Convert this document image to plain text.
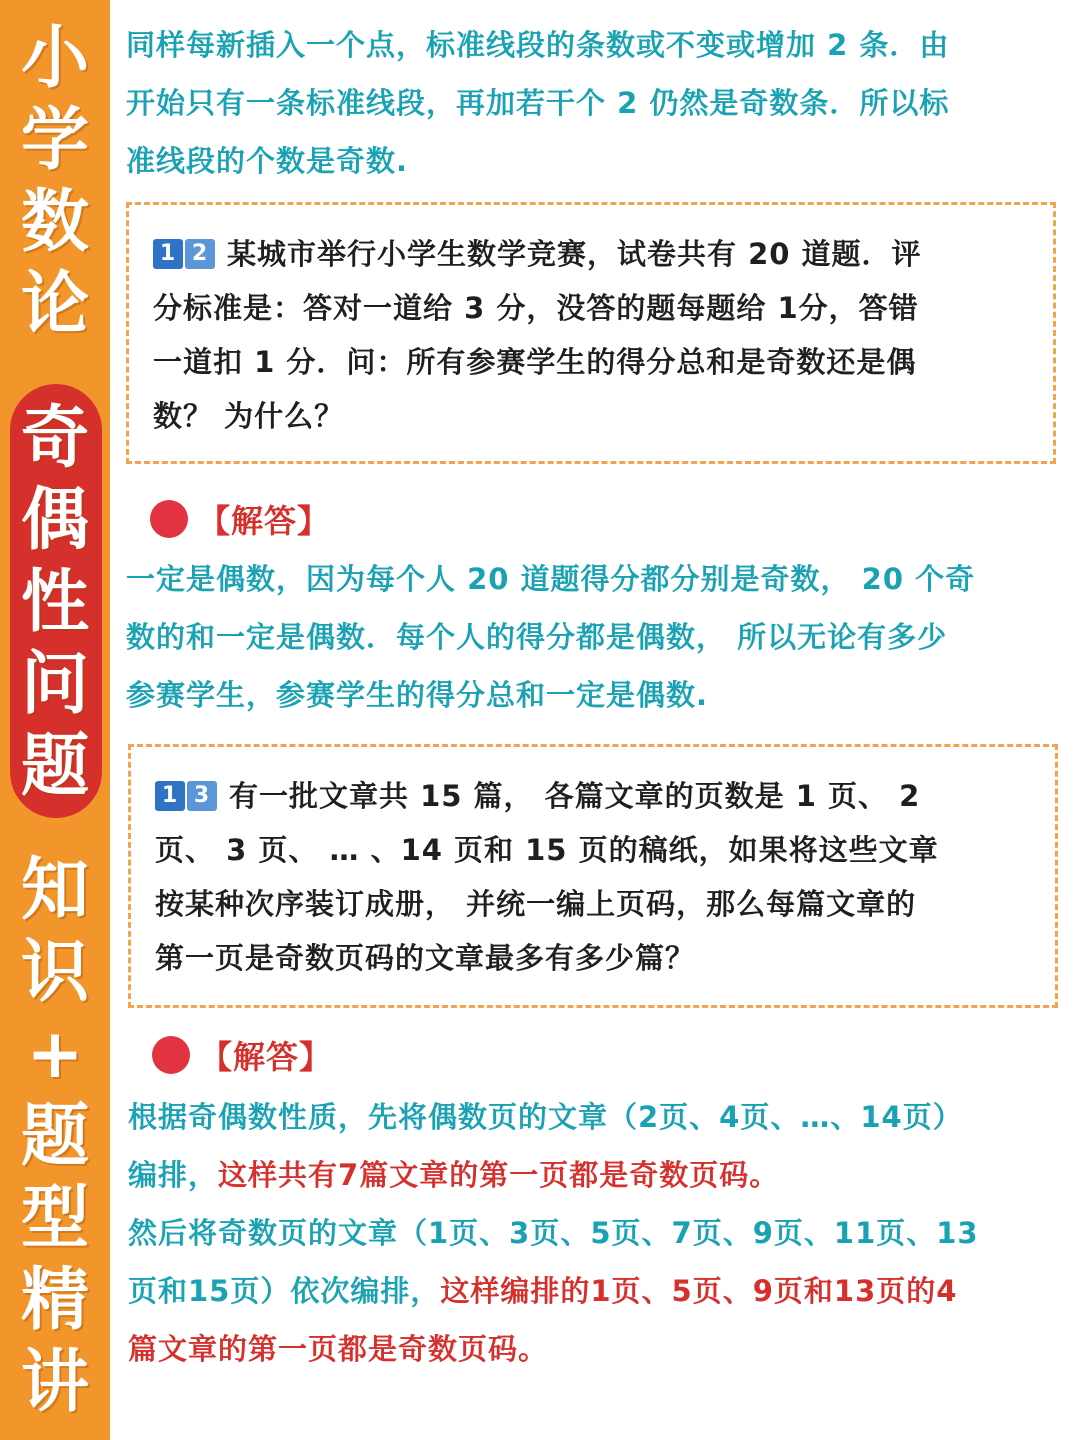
小
学
数
论
奇
偶
性
问
题
知
识
+
题
型
精
讲

同样每新插入一个点，标准线段的条数或不变或增加 2 条．由
开始只有一条标准线段，再加若干个 2 仍然是奇数条．所以标
准线段的个数是奇数.

1 2 某城市举行小学生数学竞赛，试卷共有 20 道题．评
分标准是：答对一道给 3 分，没答的题每题给 1分，答错
一道扣 1 分．问：所有参赛学生的得分总和是奇数还是偶
数？ 为什么？

【解答】

一定是偶数，因为每个人 20 道题得分都分别是奇数， 20 个奇
数的和一定是偶数．每个人的得分都是偶数， 所以无论有多少
参赛学生，参赛学生的得分总和一定是偶数.

1 3 有一批文章共 15 篇， 各篇文章的页数是 1 页、 2
页、 3 页、 … 、14 页和 15 页的稿纸，如果将这些文章
按某种次序装订成册， 并统一编上页码，那么每篇文章的
第一页是奇数页码的文章最多有多少篇？

【解答】

根据奇偶数性质，先将偶数页的文章（2页、4页、…、14页）
编排，这样共有7篇文章的第一页都是奇数页码。
然后将奇数页的文章（1页、3页、5页、7页、9页、11页、13
页和15页）依次编排，这样编排的1页、5页、9页和13页的4
篇文章的第一页都是奇数页码。
